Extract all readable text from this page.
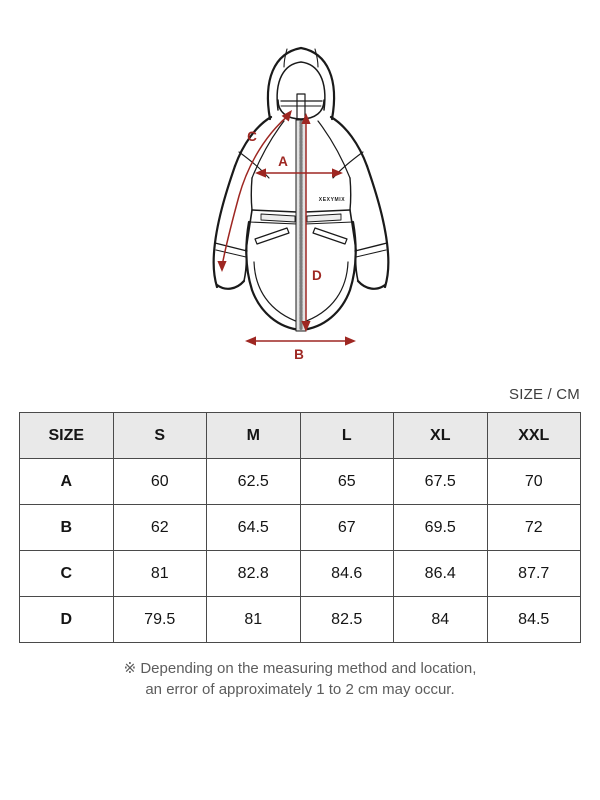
XEXYMIX
A
B
C
D
SIZE / CM
SIZE	S	M	L	XL	XXL
A	60	62.5	65	67.5	70
B	62	64.5	67	69.5	72
C	81	82.8	84.6	86.4	87.7
D	79.5	81	82.5	84	84.5
※ Depending on the measuring method and location,
an error of approximately 1 to 2 cm may occur.
